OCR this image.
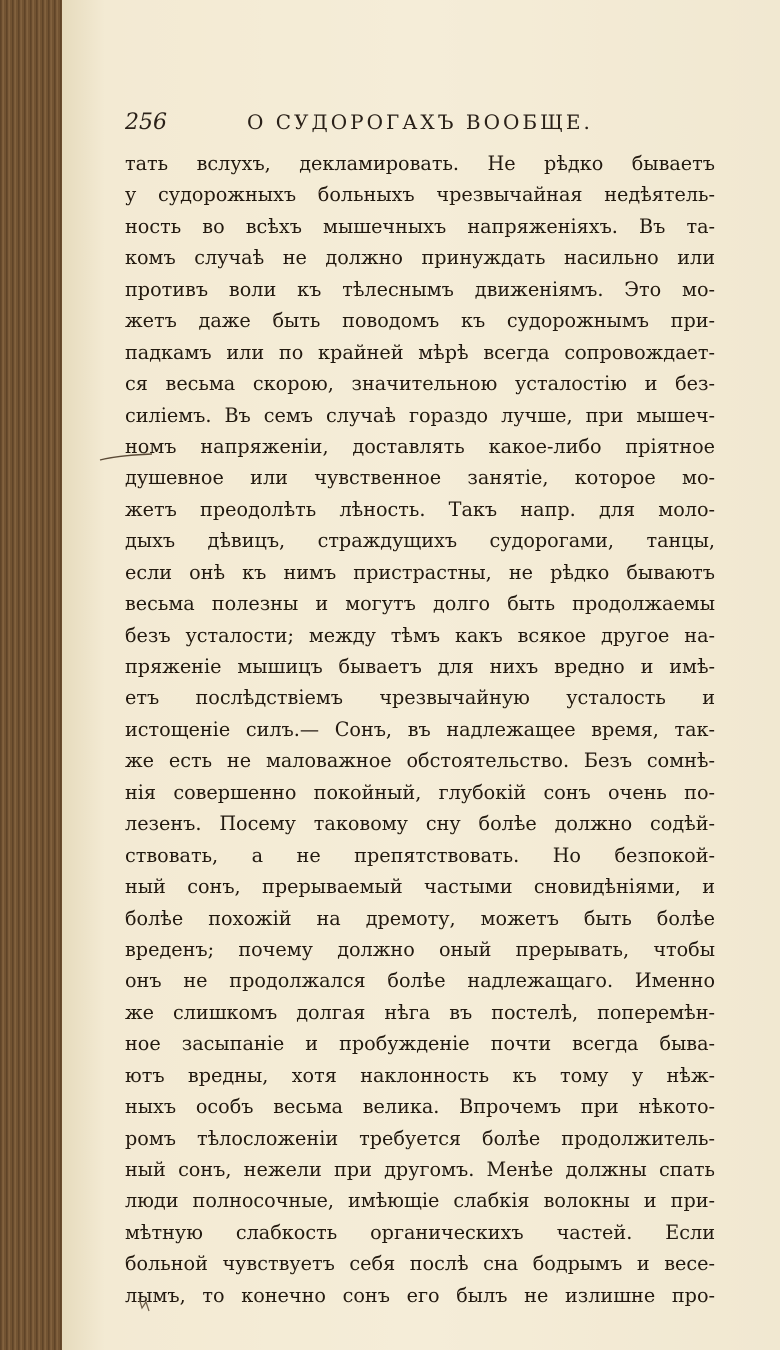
256	О СУДОРОГАХЪ ВООБЩЕ.
тать вслухъ, декламировать. Не рѣдко бываетъ
у судорожныхъ больныхъ чрезвычайная недѣятель-
ность во всѣхъ мышечныхъ напряженіяхъ. Въ та-
комъ случаѣ не должно принуждать насильно или
противъ воли къ тѣлеснымъ движеніямъ. Это мо-
жетъ даже быть поводомъ къ судорожнымъ при-
падкамъ или по крайней мѣрѣ всегда сопровождает-
ся весьма скорою, значительною усталостію и без-
силіемъ. Въ семъ случаѣ гораздо лучше, при мышеч-
номъ напряженіи, доставлять какое-либо пріятное
душевное или чувственное занятіе, которое мо-
жетъ преодолѣть лѣность. Такъ напр. для моло-
дыхъ дѣвицъ, страждущихъ судорогами, танцы,
если онѣ къ нимъ пристрастны, не рѣдко бываютъ
весьма полезны и могутъ долго быть продолжаемы
безъ усталости; между тѣмъ какъ всякое другое на-
пряженіе мышицъ бываетъ для нихъ вредно и имѣ-
етъ послѣдствіемъ чрезвычайную усталость и
истощеніе силъ.— Сонъ, въ надлежащее время, так-
же есть не маловажное обстоятельство. Безъ сомнѣ-
нія совершенно покойный, глубокій сонъ очень по-
лезенъ. Посему таковому сну болѣе должно содѣй-
ствовать, а не препятствовать. Но безпокой-
ный сонъ, прерываемый частыми сновидѣніями, и
болѣе похожій на дремоту, можетъ быть болѣе
вреденъ; почему должно оный прерывать, чтобы
онъ не продолжался болѣе надлежащаго. Именно
же слишкомъ долгая нѣга въ постелѣ, поперемѣн-
ное засыпаніе и пробужденіе почти всегда быва-
ютъ вредны, хотя наклонность къ тому у нѣж-
ныхъ особъ весьма велика. Впрочемъ при нѣкото-
ромъ тѣлосложеніи требуется болѣе продолжитель-
ный сонъ, нежели при другомъ. Менѣе должны спать
люди полносочные, имѣющіе слабкія волокны и при-
мѣтную слабкость органическихъ частей. Если
больной чувствуетъ себя послѣ сна бодрымъ и весе-
лымъ, то конечно сонъ его былъ не излишне про-
